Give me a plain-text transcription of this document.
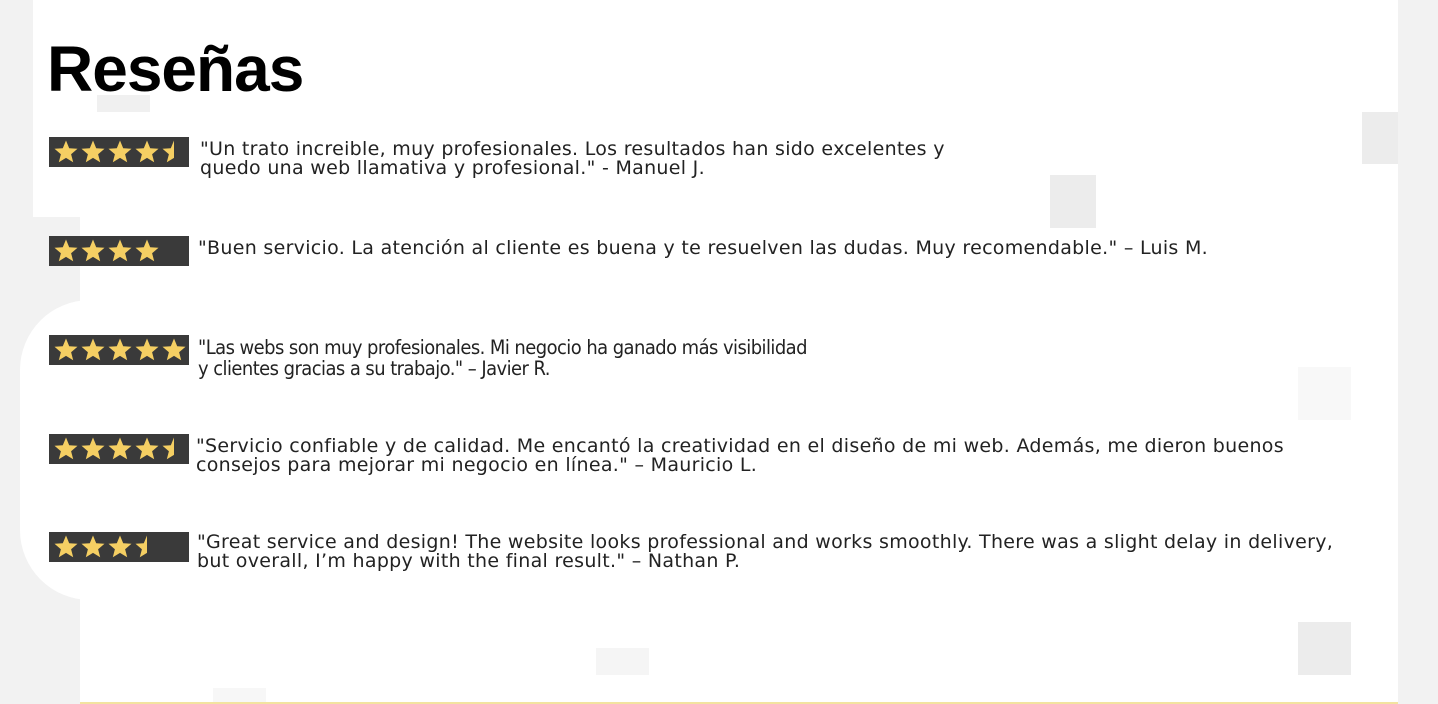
Reseñas
"Un trato increible, muy profesionales. Los resultados han sido excelentes y
quedo una web llamativa y profesional." - Manuel J.
"Buen servicio. La atención al cliente es buena y te resuelven las dudas. Muy recomendable." – Luis M.
"Las webs son muy profesionales. Mi negocio ha ganado más visibilidad
y clientes gracias a su trabajo." – Javier R.
"Servicio confiable y de calidad. Me encantó la creatividad en el diseño de mi web. Además, me dieron buenos
consejos para mejorar mi negocio en línea." – Mauricio L.
"Great service and design! The website looks professional and works smoothly. There was a slight delay in delivery,
but overall, I’m happy with the final result." – Nathan P.
